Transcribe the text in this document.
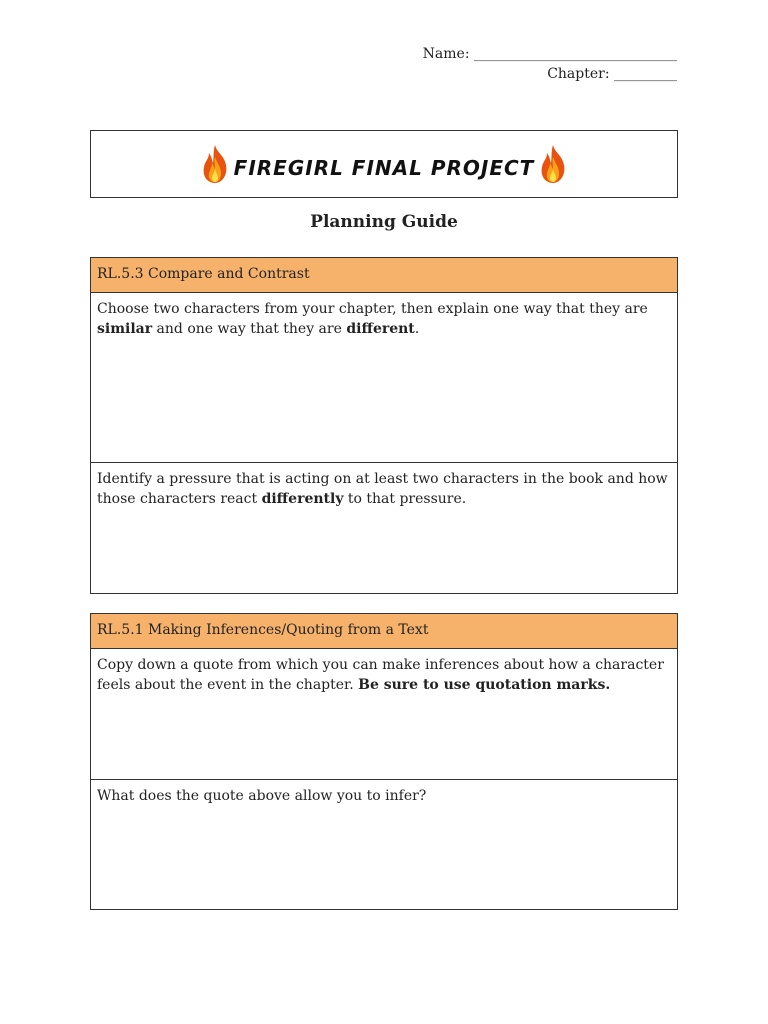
Name: _____________________________
Chapter: _________
FIREGIRL FINAL PROJECT
Planning Guide
RL.5.3 Compare and Contrast
Choose two characters from your chapter, then explain one way that they are similar and one way that they are different.
Identify a pressure that is acting on at least two characters in the book and how those characters react differently to that pressure.
RL.5.1 Making Inferences/Quoting from a Text
Copy down a quote from which you can make inferences about how a character feels about the event in the chapter. Be sure to use quotation marks.
What does the quote above allow you to infer?
